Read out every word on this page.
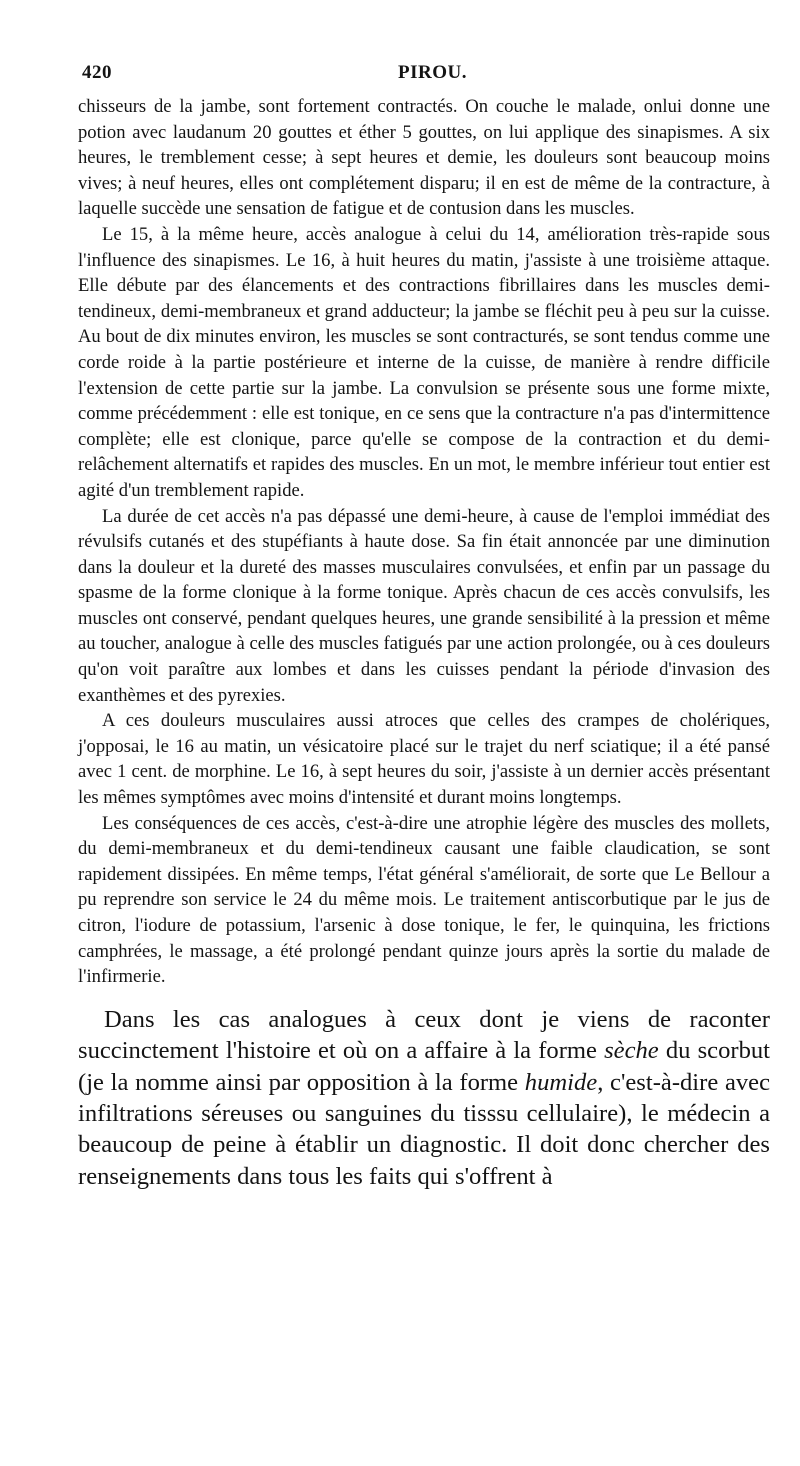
420	PIROU.

chisseurs de la jambe, sont fortement contractés. On couche le malade, onlui donne une potion avec laudanum 20 gouttes et éther 5 gouttes, on lui applique des sinapismes. A six heures, le tremblement cesse; à sept heures et demie, les douleurs sont beaucoup moins vives; à neuf heures, elles ont complétement disparu; il en est de même de la contracture, à laquelle succède une sensation de fatigue et de contusion dans les muscles.

Le 15, à la même heure, accès analogue à celui du 14, amélioration très-rapide sous l'influence des sinapismes. Le 16, à huit heures du matin, j'assiste à une troisième attaque. Elle débute par des élancements et des contractions fibrillaires dans les muscles demi-tendineux, demi-membraneux et grand adducteur; la jambe se fléchit peu à peu sur la cuisse. Au bout de dix minutes environ, les muscles se sont contracturés, se sont tendus comme une corde roide à la partie postérieure et interne de la cuisse, de manière à rendre difficile l'extension de cette partie sur la jambe. La convulsion se présente sous une forme mixte, comme précédemment : elle est tonique, en ce sens que la contracture n'a pas d'intermittence complète; elle est clonique, parce qu'elle se compose de la contraction et du demi-relâchement alternatifs et rapides des muscles. En un mot, le membre inférieur tout entier est agité d'un tremblement rapide.

La durée de cet accès n'a pas dépassé une demi-heure, à cause de l'emploi immédiat des révulsifs cutanés et des stupéfiants à haute dose. Sa fin était annoncée par une diminution dans la douleur et la dureté des masses musculaires convulsées, et enfin par un passage du spasme de la forme clonique à la forme tonique. Après chacun de ces accès convulsifs, les muscles ont conservé, pendant quelques heures, une grande sensibilité à la pression et même au toucher, analogue à celle des muscles fatigués par une action prolongée, ou à ces douleurs qu'on voit paraître aux lombes et dans les cuisses pendant la période d'invasion des exanthèmes et des pyrexies.

A ces douleurs musculaires aussi atroces que celles des crampes de cholériques, j'opposai, le 16 au matin, un vésicatoire placé sur le trajet du nerf sciatique; il a été pansé avec 1 cent. de morphine. Le 16, à sept heures du soir, j'assiste à un dernier accès présentant les mêmes symptômes avec moins d'intensité et durant moins longtemps.

Les conséquences de ces accès, c'est-à-dire une atrophie légère des muscles des mollets, du demi-membraneux et du demi-tendineux causant une faible claudication, se sont rapidement dissipées. En même temps, l'état général s'améliorait, de sorte que Le Bellour a pu reprendre son service le 24 du même mois. Le traitement antiscorbutique par le jus de citron, l'iodure de potassium, l'arsenic à dose tonique, le fer, le quinquina, les frictions camphrées, le massage, a été prolongé pendant quinze jours après la sortie du malade de l'infirmerie.

Dans les cas analogues à ceux dont je viens de raconter succinctement l'histoire et où on a affaire à la forme sèche du scorbut (je la nomme ainsi par opposition à la forme humide, c'est-à-dire avec infiltrations séreuses ou sanguines du tisssu cellulaire), le médecin a beaucoup de peine à établir un diagnostic. Il doit donc chercher des renseignements dans tous les faits qui s'offrent à
